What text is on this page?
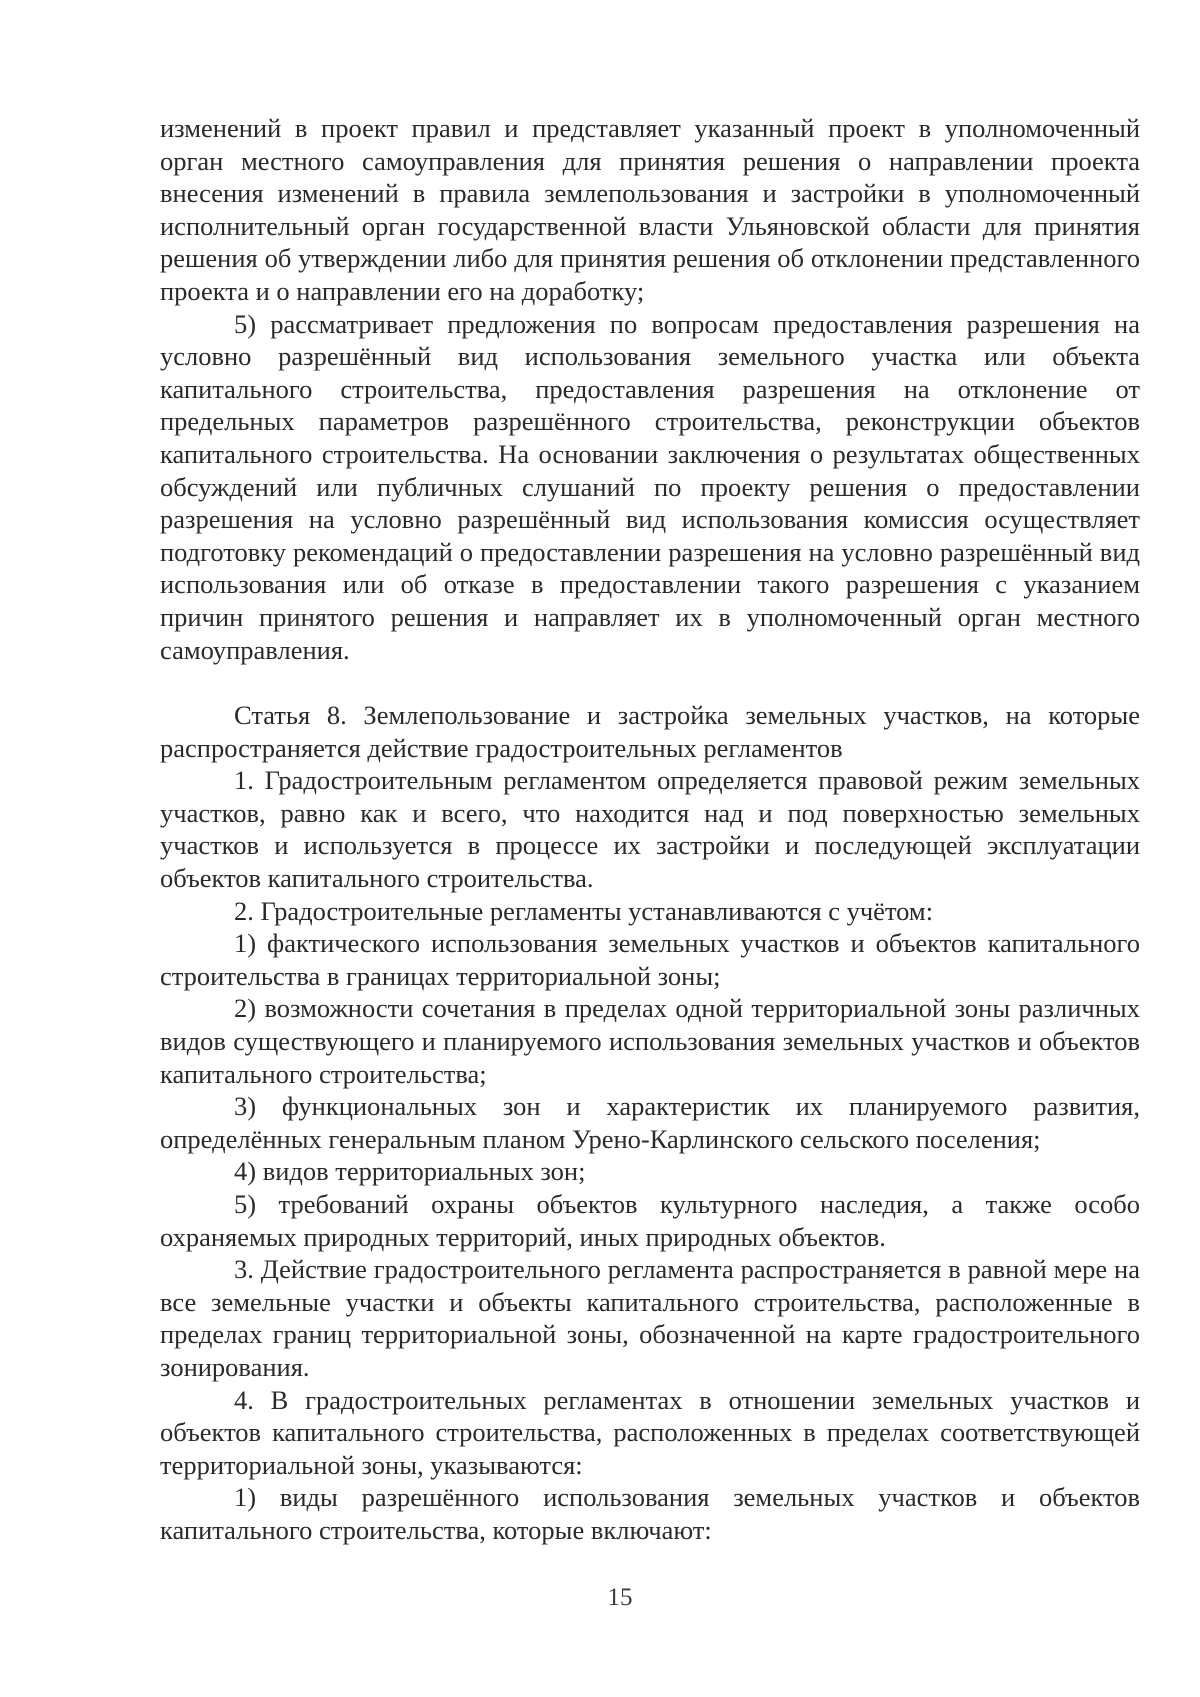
изменений в проект правил и представляет указанный проект в уполномоченный орган местного самоуправления для принятия решения о направлении проекта внесения изменений в правила землепользования и застройки в уполномоченный исполнительный орган государственной власти Ульяновской области для принятия решения об утверждении либо для принятия решения об отклонении представленного проекта и о направлении его на доработку;

5) рассматривает предложения по вопросам предоставления разрешения на условно разрешённый вид использования земельного участка или объекта капитального строительства, предоставления разрешения на отклонение от предельных параметров разрешённого строительства, реконструкции объектов капитального строительства. На основании заключения о результатах общественных обсуждений или публичных слушаний по проекту решения о предоставлении разрешения на условно разрешённый вид использования комиссия осуществляет подготовку рекомендаций о предоставлении разрешения на условно разрешённый вид использования или об отказе в предоставлении такого разрешения с указанием причин принятого решения и направляет их в уполномоченный орган местного самоуправления.

Статья 8. Землепользование и застройка земельных участков, на которые распространяется действие градостроительных регламентов

1. Градостроительным регламентом определяется правовой режим земельных участков, равно как и всего, что находится над и под поверхностью земельных участков и используется в процессе их застройки и последующей эксплуатации объектов капитального строительства.

2. Градостроительные регламенты устанавливаются с учётом:

1) фактического использования земельных участков и объектов капитального строительства в границах территориальной зоны;

2) возможности сочетания в пределах одной территориальной зоны различных видов существующего и планируемого использования земельных участков и объектов капитального строительства;

3) функциональных зон и характеристик их планируемого развития, определённых генеральным планом Урено-Карлинского сельского поселения;

4) видов территориальных зон;

5) требований охраны объектов культурного наследия, а также особо охраняемых природных территорий, иных природных объектов.

3. Действие градостроительного регламента распространяется в равной мере на все земельные участки и объекты капитального строительства, расположенные в пределах границ территориальной зоны, обозначенной на карте градостроительного зонирования.

4. В градостроительных регламентах в отношении земельных участков и объектов капитального строительства, расположенных в пределах соответствующей территориальной зоны, указываются:

1) виды разрешённого использования земельных участков и объектов капитального строительства, которые включают:

15
